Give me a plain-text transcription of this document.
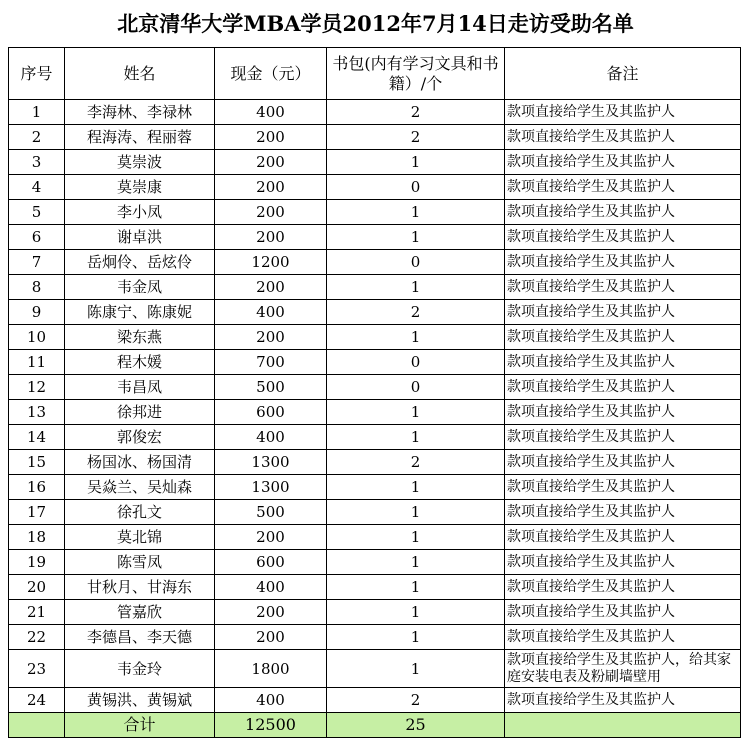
北京清华大学MBA学员2012年7月14日走访受助名单
序号	姓名	现金（元）	书包(内有学习文具和书籍）/个	备注
1	李海林、李禄林	400	2	款项直接给学生及其监护人
2	程海涛、程丽蓉	200	2	款项直接给学生及其监护人
3	莫崇波	200	1	款项直接给学生及其监护人
4	莫崇康	200	0	款项直接给学生及其监护人
5	李小凤	200	1	款项直接给学生及其监护人
6	谢卓洪	200	1	款项直接给学生及其监护人
7	岳炯伶、岳炫伶	1200	0	款项直接给学生及其监护人
8	韦金凤	200	1	款项直接给学生及其监护人
9	陈康宁、陈康妮	400	2	款项直接给学生及其监护人
10	梁东燕	200	1	款项直接给学生及其监护人
11	程木媛	700	0	款项直接给学生及其监护人
12	韦昌凤	500	0	款项直接给学生及其监护人
13	徐邦进	600	1	款项直接给学生及其监护人
14	郭俊宏	400	1	款项直接给学生及其监护人
15	杨国冰、杨国清	1300	2	款项直接给学生及其监护人
16	吴焱兰、吴灿森	1300	1	款项直接给学生及其监护人
17	徐孔文	500	1	款项直接给学生及其监护人
18	莫北锦	200	1	款项直接给学生及其监护人
19	陈雪凤	600	1	款项直接给学生及其监护人
20	甘秋月、甘海东	400	1	款项直接给学生及其监护人
21	管嘉欣	200	1	款项直接给学生及其监护人
22	李德昌、李天德	200	1	款项直接给学生及其监护人
23	韦金玲	1800	1	款项直接给学生及其监护人，给其家庭安装电表及粉刷墙壁用
24	黄锡洪、黄锡斌	400	2	款项直接给学生及其监护人
	合计	12500	25	
